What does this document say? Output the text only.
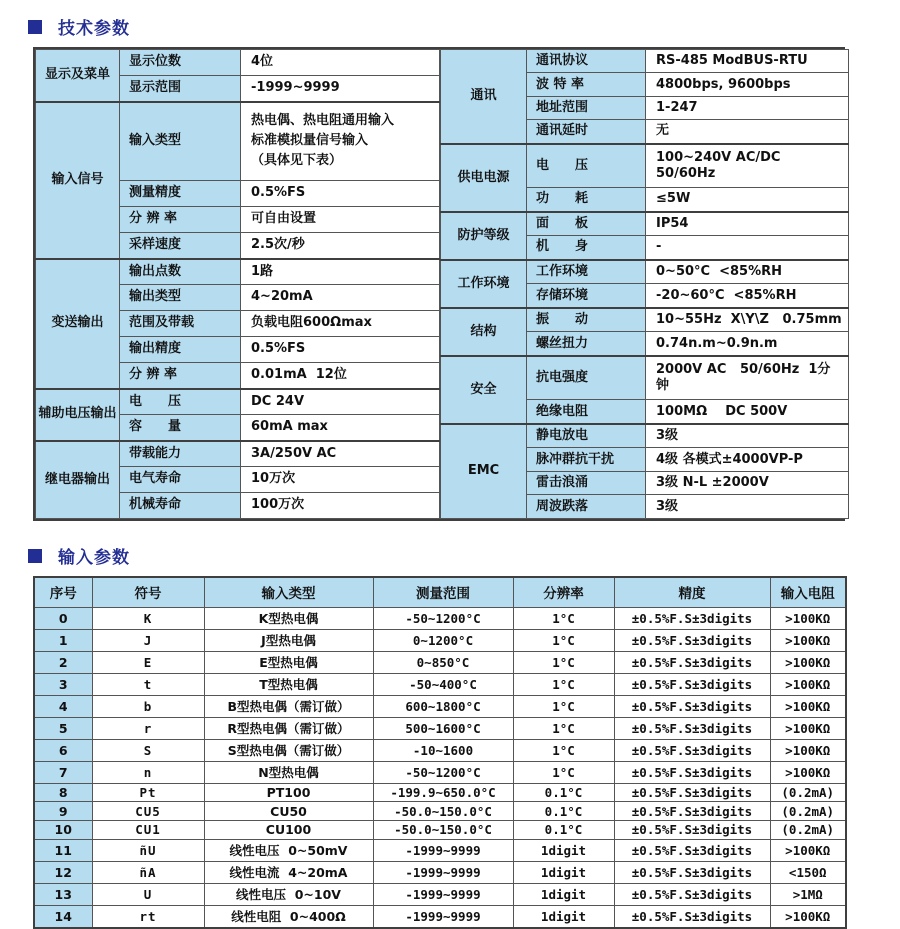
技术参数
显示及菜单	显示位数	4位
	显示范围	-1999~9999
输入信号	输入类型	热电偶、热电阻通用输入
标准模拟量信号输入
（具体见下表）

	测量精度	0.5%FS
	分 辨 率	可自由设置
	采样速度	2.5次/秒
变送输出	输出点数	1路
	输出类型	4~20mA
	范围及带载	负载电阻600Ωmax
	输出精度	0.5%FS
	分 辨 率	0.01mA  12位
辅助电压输出	电　　压	DC 24V
	容　　量	60mA max
继电器输出	带载能力	3A/250V AC
	电气寿命	10万次
	机械寿命	100万次
通讯	通讯协议	RS-485 ModBUS-RTU
	波 特 率	4800bps, 9600bps
	地址范围	1-247
	通讯延时	无
供电电源	电　　压	100~240V AC/DC  50/60Hz
	功　　耗	≤5W
防护等级	面　　板	IP54
	机　　身	-
工作环境	工作环境	0~50°C  <85%RH
	存储环境	-20~60°C  <85%RH
结构	振　　动	10~55Hz  X\Y\Z   0.75mm
	螺丝扭力	0.74n.m~0.9n.m
安全	抗电强度	2000V AC   50/60Hz  1分钟
	绝缘电阻	100MΩ    DC 500V
EMC	静电放电	3级
	脉冲群抗干扰	4级 各模式±4000VP-P
	雷击浪涌	3级 N-L ±2000V
	周波跌落	3级
输入参数
序号	符号	输入类型	测量范围	分辨率	精度	输入电阻
0	K	K型热电偶	-50~1200°C	1°C	±0.5%F.S±3digits	>100KΩ
1	J	J型热电偶	0~1200°C	1°C	±0.5%F.S±3digits	>100KΩ
2	E	E型热电偶	0~850°C	1°C	±0.5%F.S±3digits	>100KΩ
3	t	T型热电偶	-50~400°C	1°C	±0.5%F.S±3digits	>100KΩ
4	b	B型热电偶（需订做）	600~1800°C	1°C	±0.5%F.S±3digits	>100KΩ
5	r	R型热电偶（需订做）	500~1600°C	1°C	±0.5%F.S±3digits	>100KΩ
6	S	S型热电偶（需订做）	-10~1600	1°C	±0.5%F.S±3digits	>100KΩ
7	n	N型热电偶	-50~1200°C	1°C	±0.5%F.S±3digits	>100KΩ
8	Pt	PT100	-199.9~650.0°C	0.1°C	±0.5%F.S±3digits	(0.2mA)
9	CU5	CU50	-50.0~150.0°C	0.1°C	±0.5%F.S±3digits	(0.2mA)
10	CU1	CU100	-50.0~150.0°C	0.1°C	±0.5%F.S±3digits	(0.2mA)
11	ñU	线性电压  0~50mV	-1999~9999	1digit	±0.5%F.S±3digits	>100KΩ
12	ñA	线性电流  4~20mA	-1999~9999	1digit	±0.5%F.S±3digits	<150Ω
13	U	线性电压  0~10V	-1999~9999	1digit	±0.5%F.S±3digits	>1MΩ
14	rt	线性电阻  0~400Ω	-1999~9999	1digit	±0.5%F.S±3digits	>100KΩ
